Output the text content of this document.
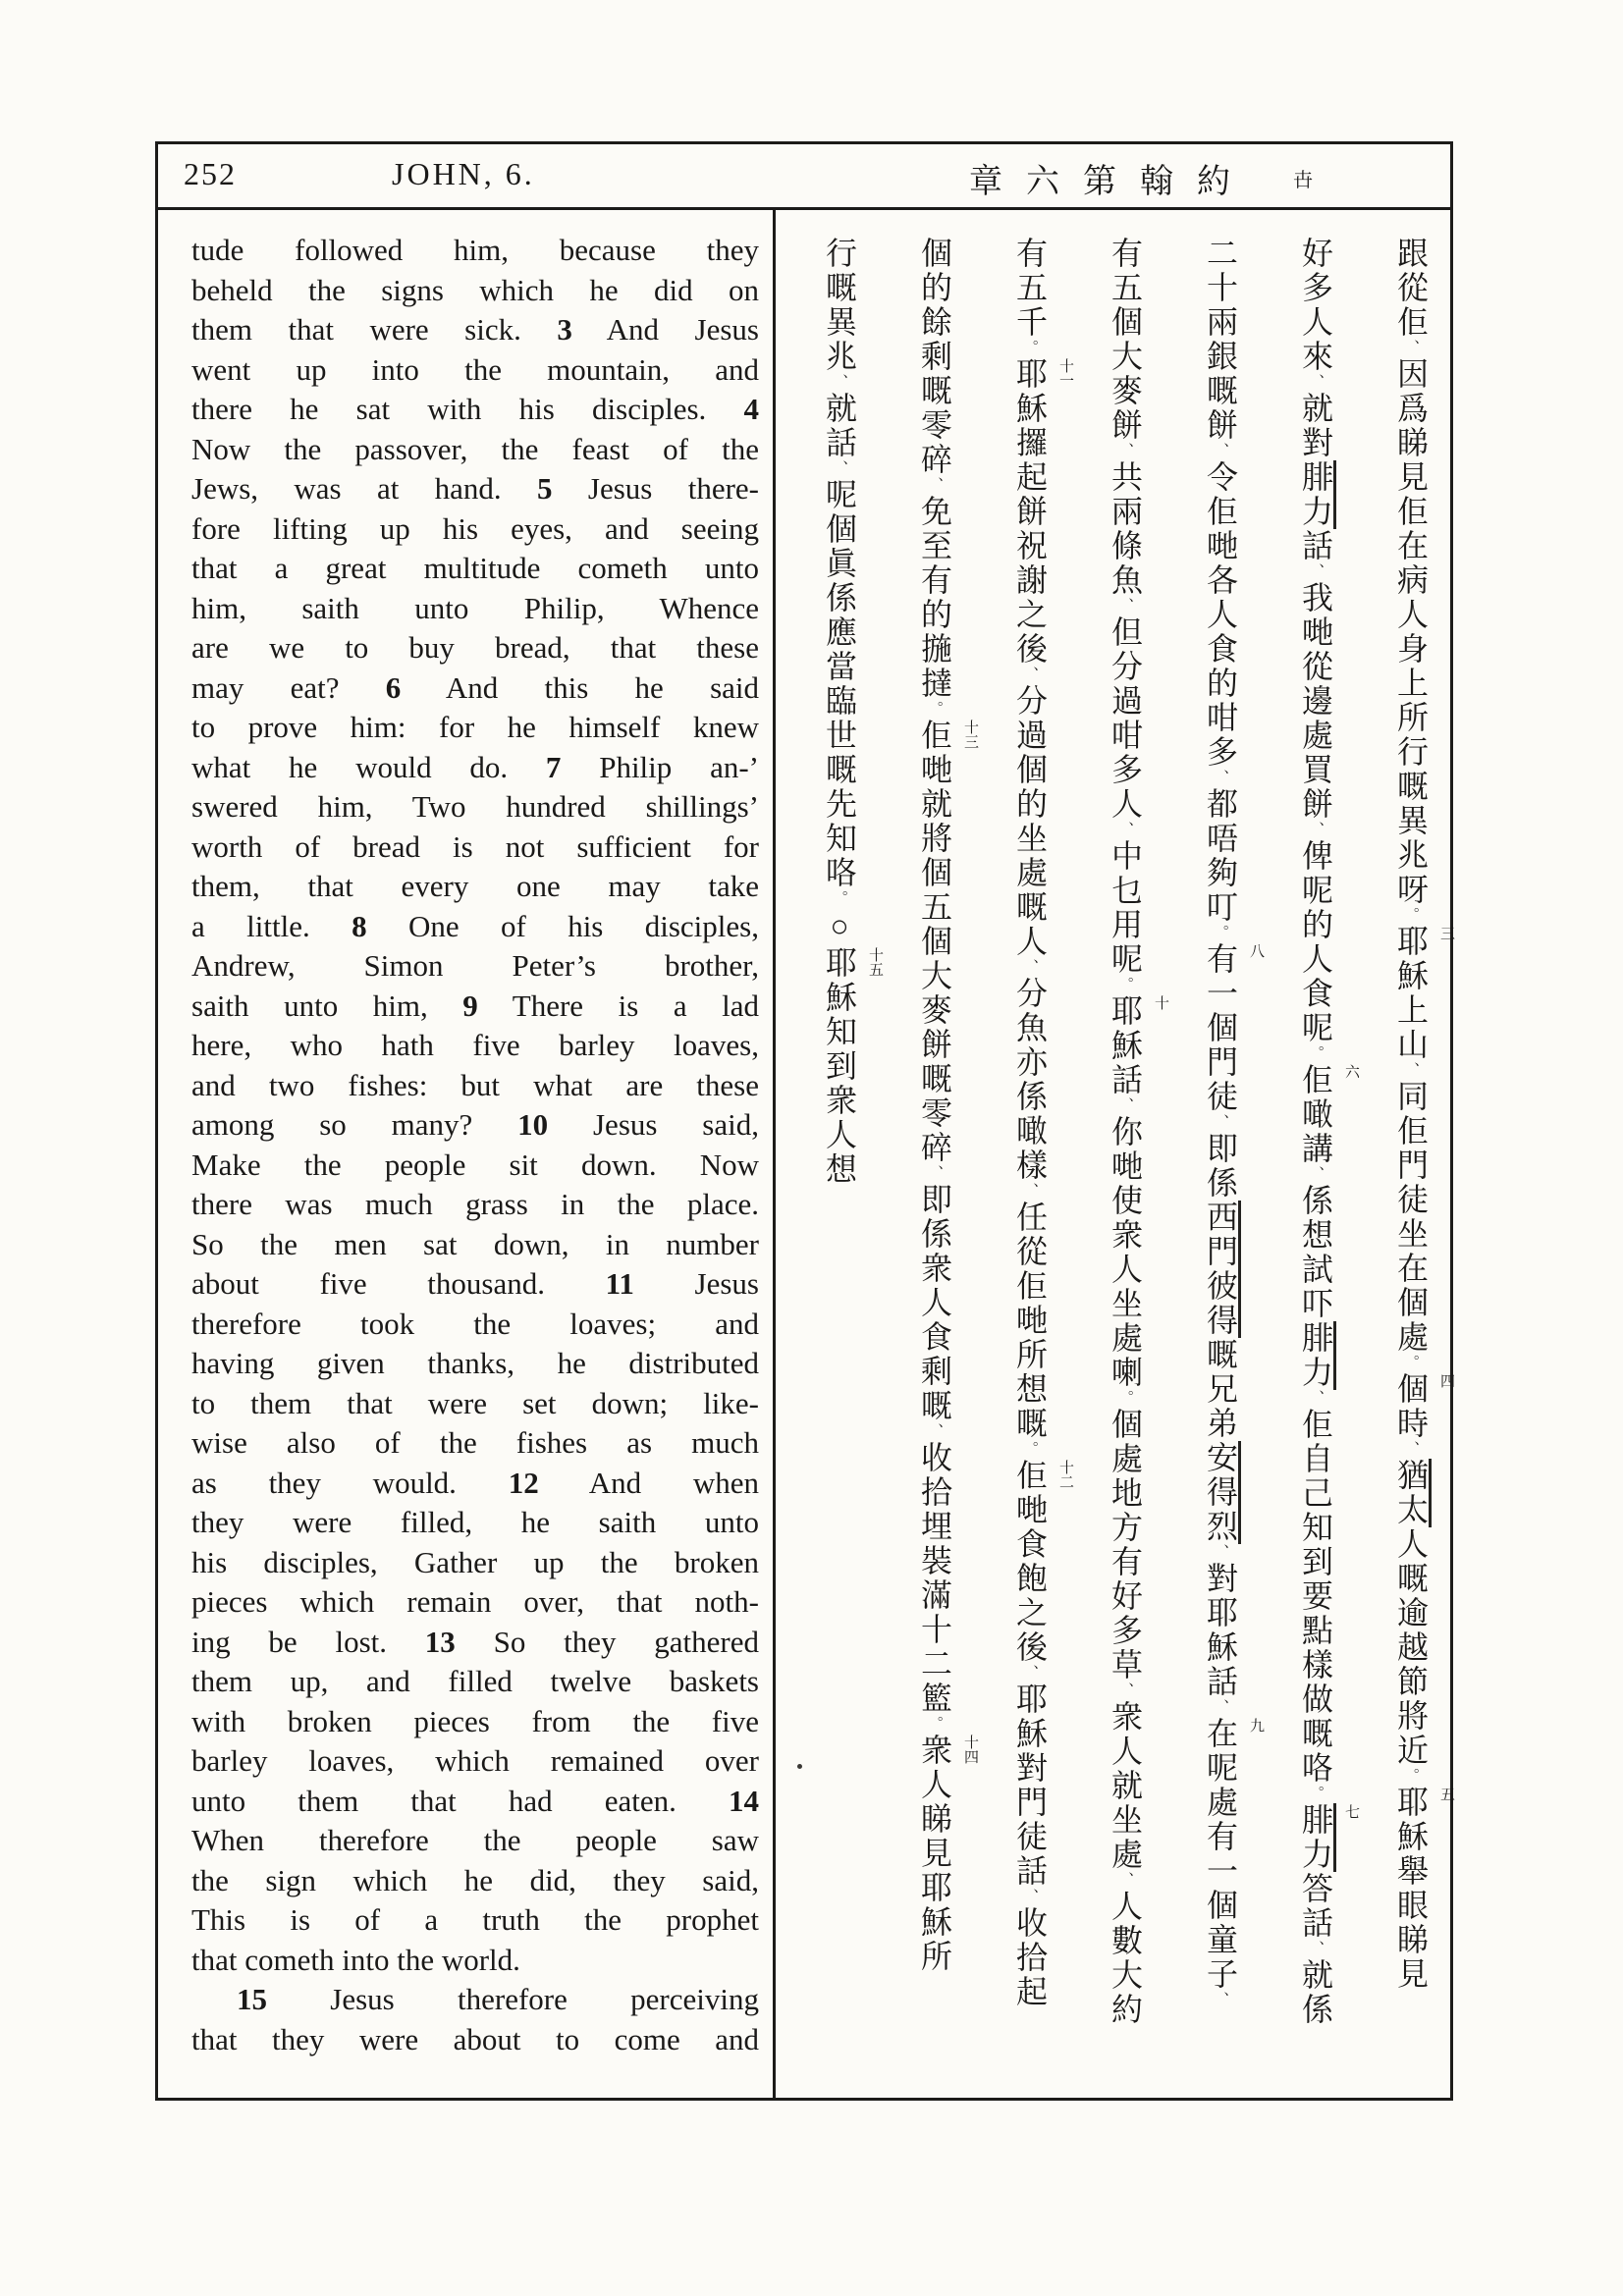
252	JOHN, 6.	章六第翰約 卋
tude followed him, because they
beheld the signs which he did on
them that were sick. 3 And Jesus
went up into the mountain, and
there he sat with his disciples. 4
Now the passover, the feast of the
Jews, was at hand. 5 Jesus there-
fore lifting up his eyes, and seeing
that a great multitude cometh unto
him, saith unto Philip, Whence
are we to buy bread, that these
may eat? 6 And this he said
to prove him: for he himself knew
what he would do. 7 Philip an-’
swered him, Two hundred shillings’
worth of bread is not sufficient for
them, that every one may take
a little. 8 One of his disciples,
Andrew, Simon Peter’s brother,
saith unto him, 9 There is a lad
here, who hath five barley loaves,
and two fishes: but what are these
among so many? 10 Jesus said,
Make the people sit down. Now
there was much grass in the place.
So the men sat down, in number
about five thousand. 11 Jesus
therefore took the loaves; and
having given thanks, he distributed
to them that were set down; like-
wise also of the fishes as much
as they would. 12 And when
they were filled, he saith unto
his disciples, Gather up the broken
pieces which remain over, that noth-
ing be lost. 13 So they gathered
them up, and filled twelve baskets
with broken pieces from the five
barley loaves, which remained over
unto them that had eaten. 14
When therefore the people saw
the sign which he did, they said,
This is of a truth the prophet
that cometh into the world.
15 Jesus therefore perceiving
that they were about to come and
跟從佢、因爲睇見佢在病人身上所行嘅異兆呀。耶 三
穌上山、同佢門徒坐在個處。個 四
時、猶太人嘅逾越節將近。耶 五
穌舉眼睇見
好多人來、就對腓力話、我哋從邊處買餅、俾呢的人食呢。佢 六
噉講、係想試吓腓力、佢自己知到要點樣做嘅咯。腓 七
力答話、就係
二十兩銀嘅餅、令佢哋各人食的咁多、都唔夠叮。有 八
一個門徒、即係西門彼得嘅兄弟安得烈、對耶穌話、在 九
呢處有一個童子、
有五個大麥餅、共兩條魚、但分過咁多人、中乜用呢。耶 十
穌話、你哋使衆人坐處喇。個處地方有好多草、衆人就坐處、人數大約
有五千。耶 十一
穌攞起餅祝謝之後、分過個的坐處嘅人、分魚亦係噉樣、任從佢哋所想嘅。佢 十二
哋食飽之後、耶穌對門徒話、收拾起
個的餘剩嘅零碎、免至有的揓撻。佢 十三
哋就將個五個大麥餅嘅零碎、即係衆人食剩嘅、收拾埋裝滿十二籃。衆 十四
人睇見耶穌所
行嘅異兆、就話、呢個眞係應當臨世嘅先知咯。○耶 十五
穌知到衆人想
